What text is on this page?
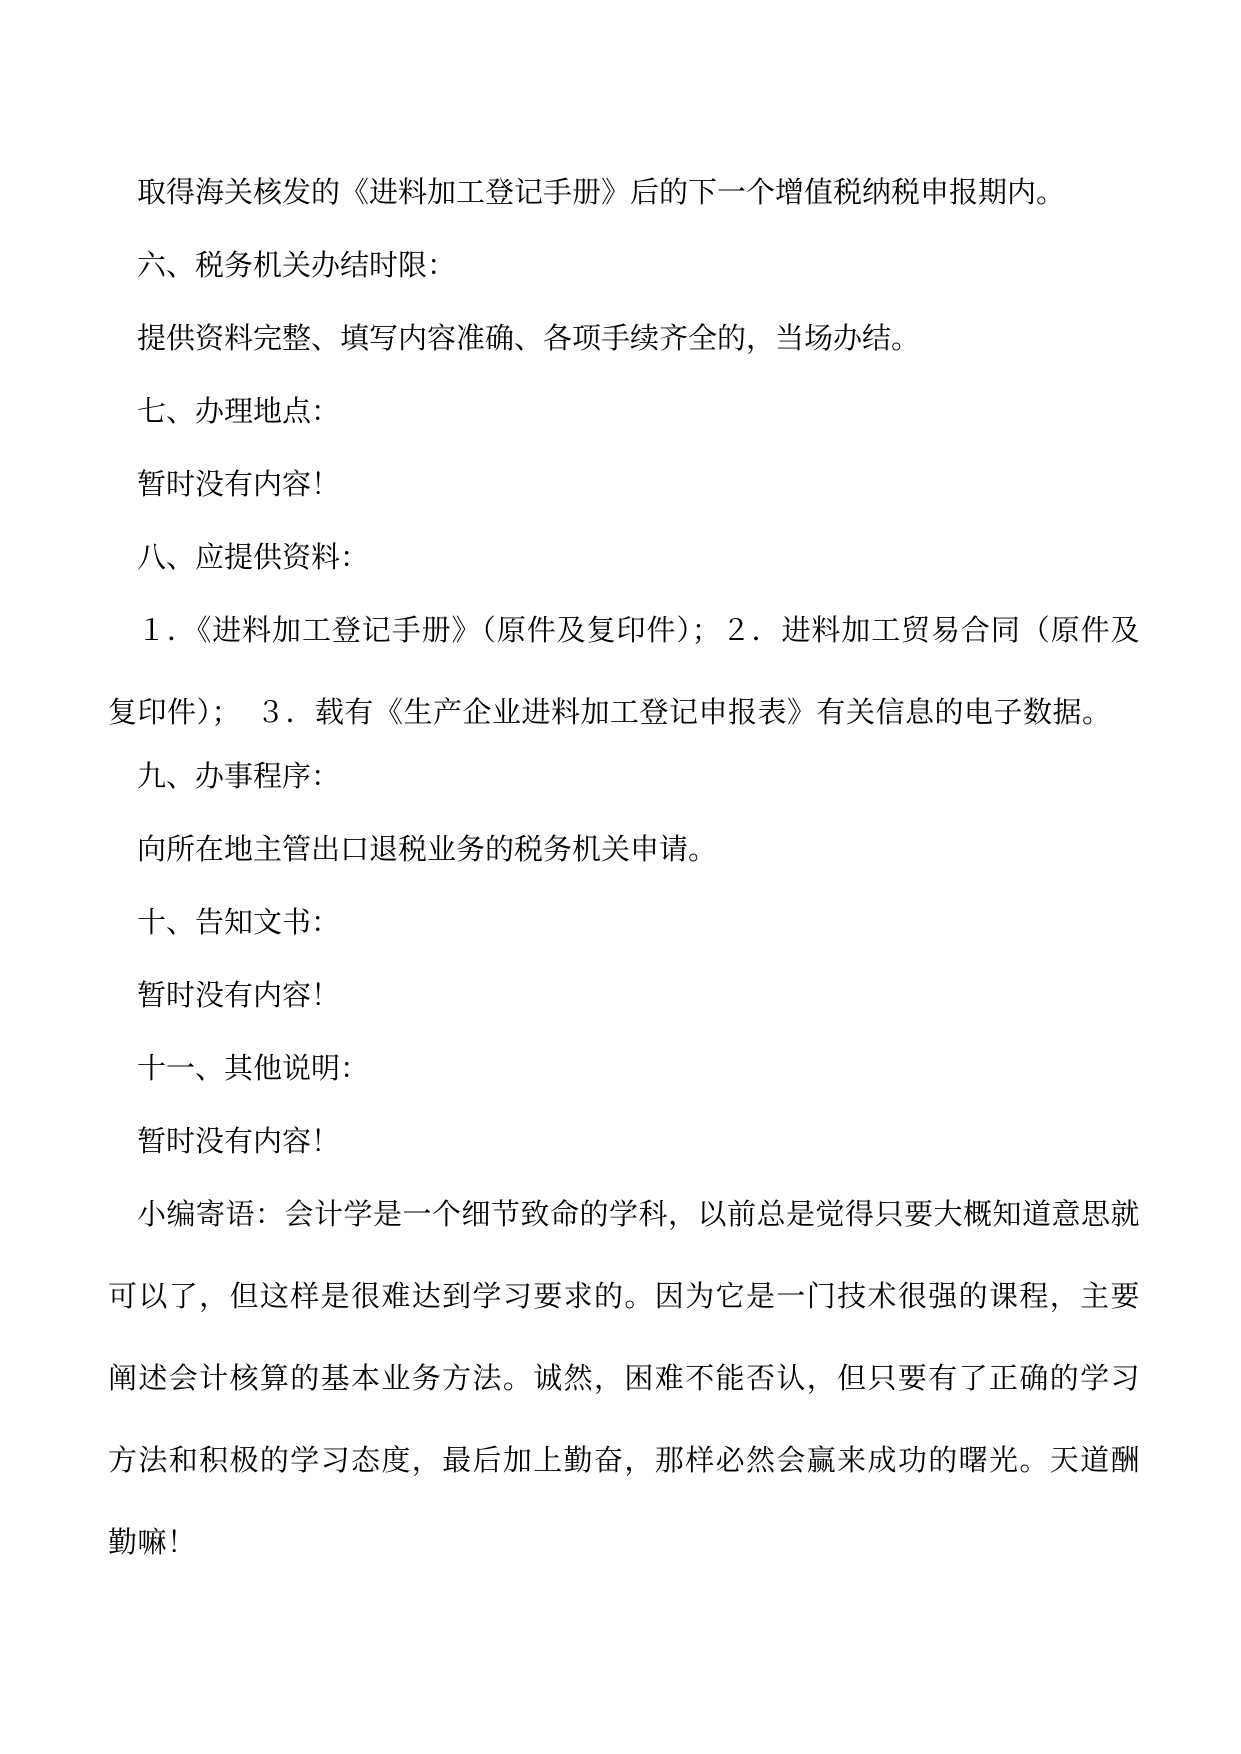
取得海关核发的《进料加工登记手册》后的下一个增值税纳税申报期内。

六、税务机关办结时限：

提供资料完整、填写内容准确、各项手续齐全的，当场办结。

七、办理地点：

暂时没有内容！

八、应提供资料：

１．《进料加工登记手册》（原件及复印件）；２．进料加工贸易合同（原件及复印件）；　３．载有《生产企业进料加工登记申报表》有关信息的电子数据。

九、办事程序：

向所在地主管出口退税业务的税务机关申请。

十、告知文书：

暂时没有内容！

十一、其他说明：

暂时没有内容！

小编寄语：会计学是一个细节致命的学科，以前总是觉得只要大概知道意思就可以了，但这样是很难达到学习要求的。因为它是一门技术很强的课程，主要阐述会计核算的基本业务方法。诚然，困难不能否认，但只要有了正确的学习方法和积极的学习态度，最后加上勤奋，那样必然会赢来成功的曙光。天道酬勤嘛！
